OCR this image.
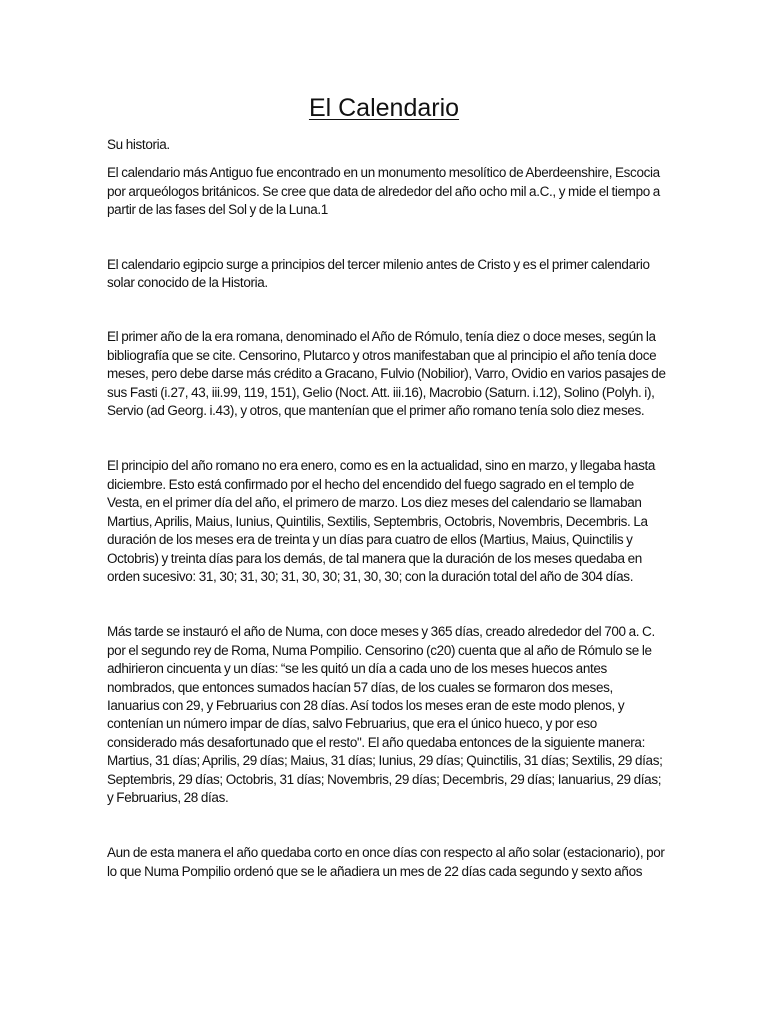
El Calendario

Su historia.

El calendario más Antiguo fue encontrado en un monumento mesolítico de Aberdeenshire, Escocia por arqueólogos británicos. Se cree que data de alrededor del año ocho mil a.C., y mide el tiempo a partir de las fases del Sol y de la Luna.1

El calendario egipcio surge a principios del tercer milenio antes de Cristo y es el primer calendario solar conocido de la Historia.

El primer año de la era romana, denominado el Año de Rómulo, tenía diez o doce meses, según la bibliografía que se cite. Censorino, Plutarco y otros manifestaban que al principio el año tenía doce meses, pero debe darse más crédito a Gracano, Fulvio (Nobilior), Varro, Ovidio en varios pasajes de sus Fasti (i.27, 43, iii.99, 119, 151), Gelio (Noct. Att. iii.16), Macrobio (Saturn. i.12), Solino (Polyh. i), Servio (ad Georg. i.43), y otros, que mantenían que el primer año romano tenía solo diez meses.

El principio del año romano no era enero, como es en la actualidad, sino en marzo, y llegaba hasta diciembre. Esto está confirmado por el hecho del encendido del fuego sagrado en el templo de Vesta, en el primer día del año, el primero de marzo. Los diez meses del calendario se llamaban Martius, Aprilis, Maius, Iunius, Quintilis, Sextilis, Septembris, Octobris, Novembris, Decembris. La duración de los meses era de treinta y un días para cuatro de ellos (Martius, Maius, Quinctilis y Octobris) y treinta días para los demás, de tal manera que la duración de los meses quedaba en orden sucesivo: 31, 30; 31, 30; 31, 30, 30; 31, 30, 30; con la duración total del año de 304 días.

Más tarde se instauró el año de Numa, con doce meses y 365 días, creado alrededor del 700 a. C. por el segundo rey de Roma, Numa Pompilio. Censorino (c20) cuenta que al año de Rómulo se le adhirieron cincuenta y un días: “se les quitó un día a cada uno de los meses huecos antes nombrados, que entonces sumados hacían 57 días, de los cuales se formaron dos meses, Ianuarius con 29, y Februarius con 28 días. Así todos los meses eran de este modo plenos, y contenían un número impar de días, salvo Februarius, que era el único hueco, y por eso considerado más desafortunado que el resto". El año quedaba entonces de la siguiente manera: Martius, 31 días; Aprilis, 29 días; Maius, 31 días; Iunius, 29 días; Quinctilis, 31 días; Sextilis, 29 días; Septembris, 29 días; Octobris, 31 días; Novembris, 29 días; Decembris, 29 días; Ianuarius, 29 días; y Februarius, 28 días.

Aun de esta manera el año quedaba corto en once días con respecto al año solar (estacionario), por lo que Numa Pompilio ordenó que se le añadiera un mes de 22 días cada segundo y sexto años
